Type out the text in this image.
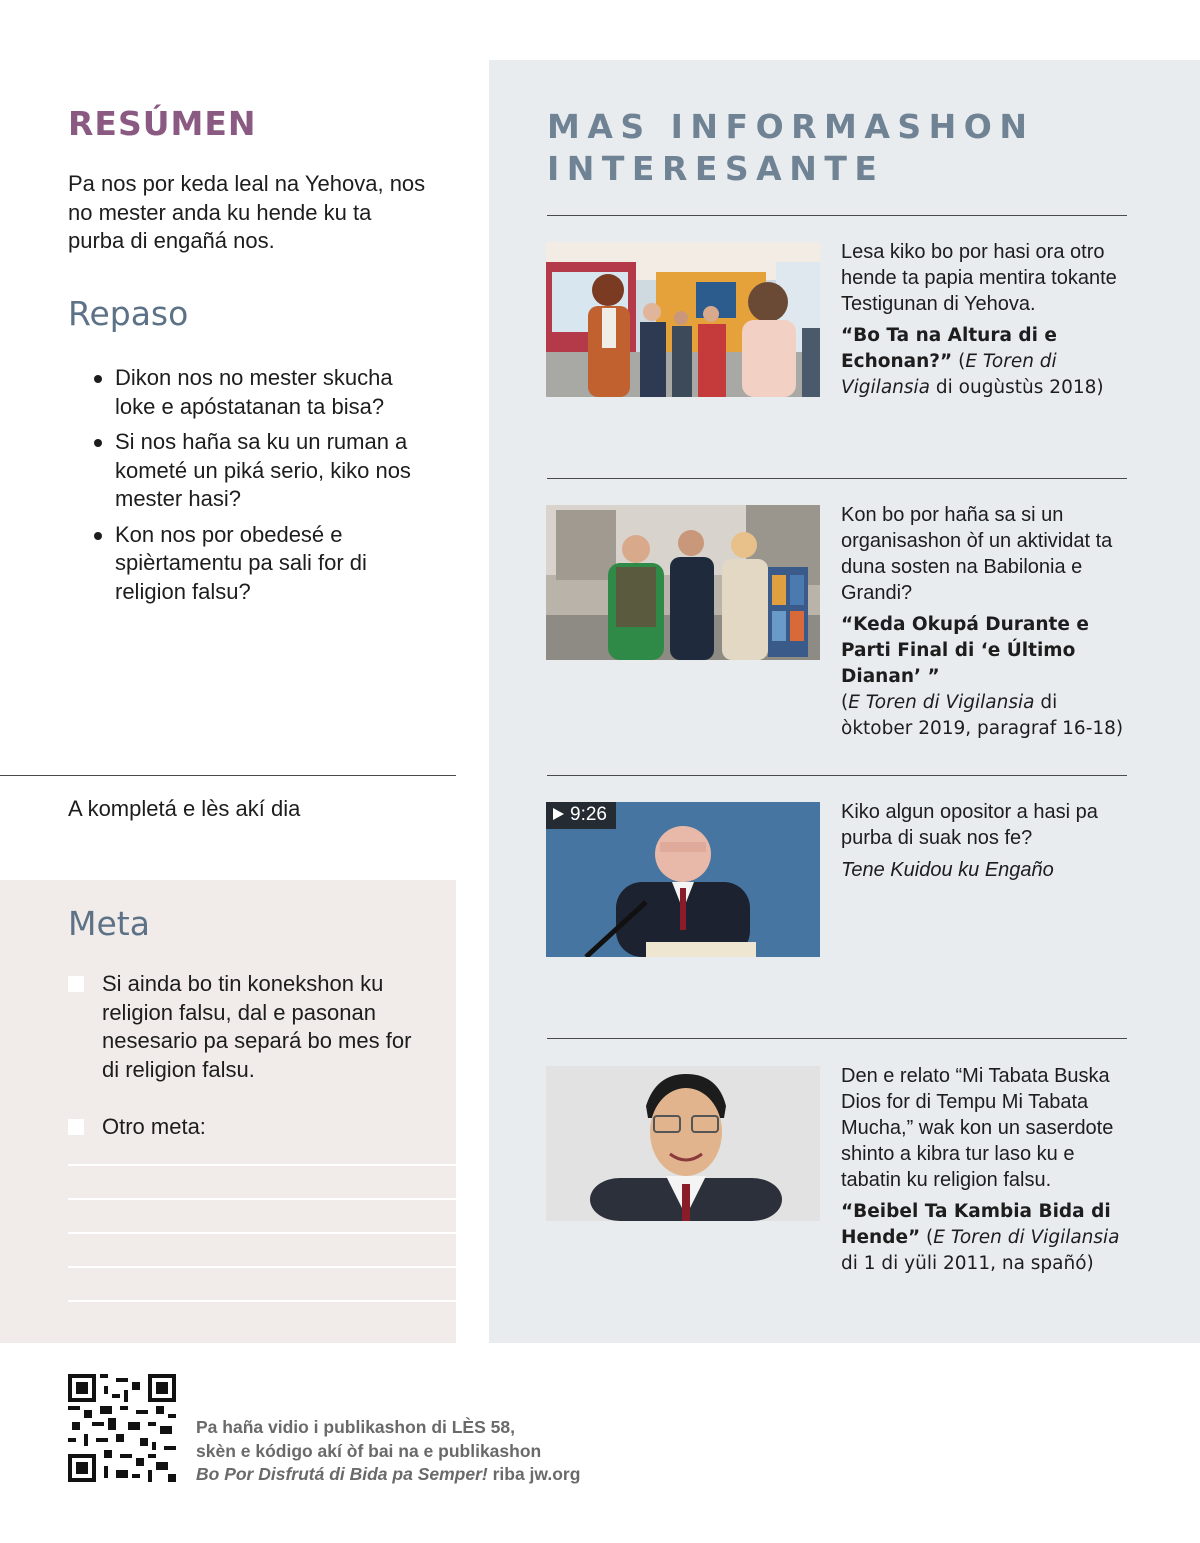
RESÚMEN
Pa nos por keda leal na Yehova, nos no mester anda ku hende ku ta purba di engañá nos.
Repaso
Dikon nos no mester skucha loke e apóstatanan ta bisa?
Si nos haña sa ku un ruman a kometé un piká serio, kiko nos mester hasi?
Kon nos por obedesé e spièrtamentu pa sali for di religion falsu?
A kompletá e lès akí dia
Meta
Si ainda bo tin konekshon ku religion falsu, dal e pasonan nesesario pa separá bo mes for di religion falsu.
Otro meta:
MAS INFORMASHON INTERESANTE
Lesa kiko bo por hasi ora otro hende ta papia mentira tokante Testigunan di Yehova.
“Bo Ta na Altura di e Echonan?” (E Toren di Vigilansia di ougùstùs 2018)
Kon bo por haña sa si un organisashon òf un aktividat ta duna sosten na Babilonia e Grandi?
“Keda Okupá Durante e Parti Final di ‘e Último Dianan’ ”
(E Toren di Vigilansia di òktober 2019, paragraf 16-18)
9:26	Kiko algun opositor a hasi pa purba di suak nos fe?
Tene Kuidou ku Engaño
Den e relato “Mi Tabata Buska Dios for di Tempu Mi Tabata Mucha,” wak kon un saserdote shinto a kibra tur laso ku e tabatin ku religion falsu.
“Beibel Ta Kambia Bida di Hende” (E Toren di Vigilansia di 1 di yüli 2011, na spañó)
Pa haña vidio i publikashon di LÈS 58,
skèn e kódigo akí òf bai na e publikashon
Bo Por Disfrutá di Bida pa Semper! riba jw.org
